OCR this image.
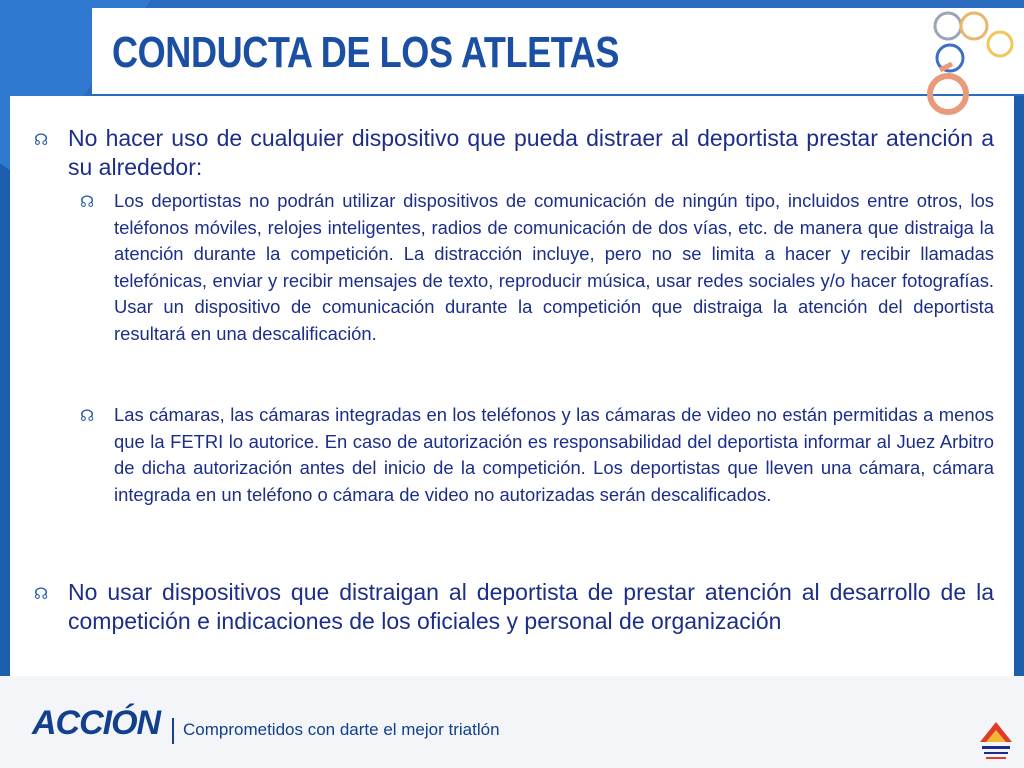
CONDUCTA DE LOS ATLETAS
☊ No hacer uso de cualquier dispositivo que pueda distraer al deportista prestar atención a su alrededor:
☊ Los deportistas no podrán utilizar dispositivos de comunicación de ningún tipo, incluidos entre otros, los teléfonos móviles, relojes inteligentes, radios de comunicación de dos vías, etc. de manera que distraiga la atención durante la competición. La distracción incluye, pero no se limita a hacer y recibir llamadas telefónicas, enviar y recibir mensajes de texto, reproducir música, usar redes sociales y/o hacer fotografías. Usar un dispositivo de comunicación durante la competición que distraiga la atención del deportista resultará en una descalificación.
☊ Las cámaras, las cámaras integradas en los teléfonos y las cámaras de video no están permitidas a menos que la FETRI lo autorice. En caso de autorización es responsabilidad del deportista informar al Juez Arbitro de dicha autorización antes del inicio de la competición. Los deportistas que lleven una cámara, cámara integrada en un teléfono o cámara de video no autorizadas serán descalificados.
☊ No usar dispositivos que distraigan al deportista de prestar atención al desarrollo de la competición e indicaciones de los oficiales y personal de organización
ACCIÓN Comprometidos con darte el mejor triatlón
